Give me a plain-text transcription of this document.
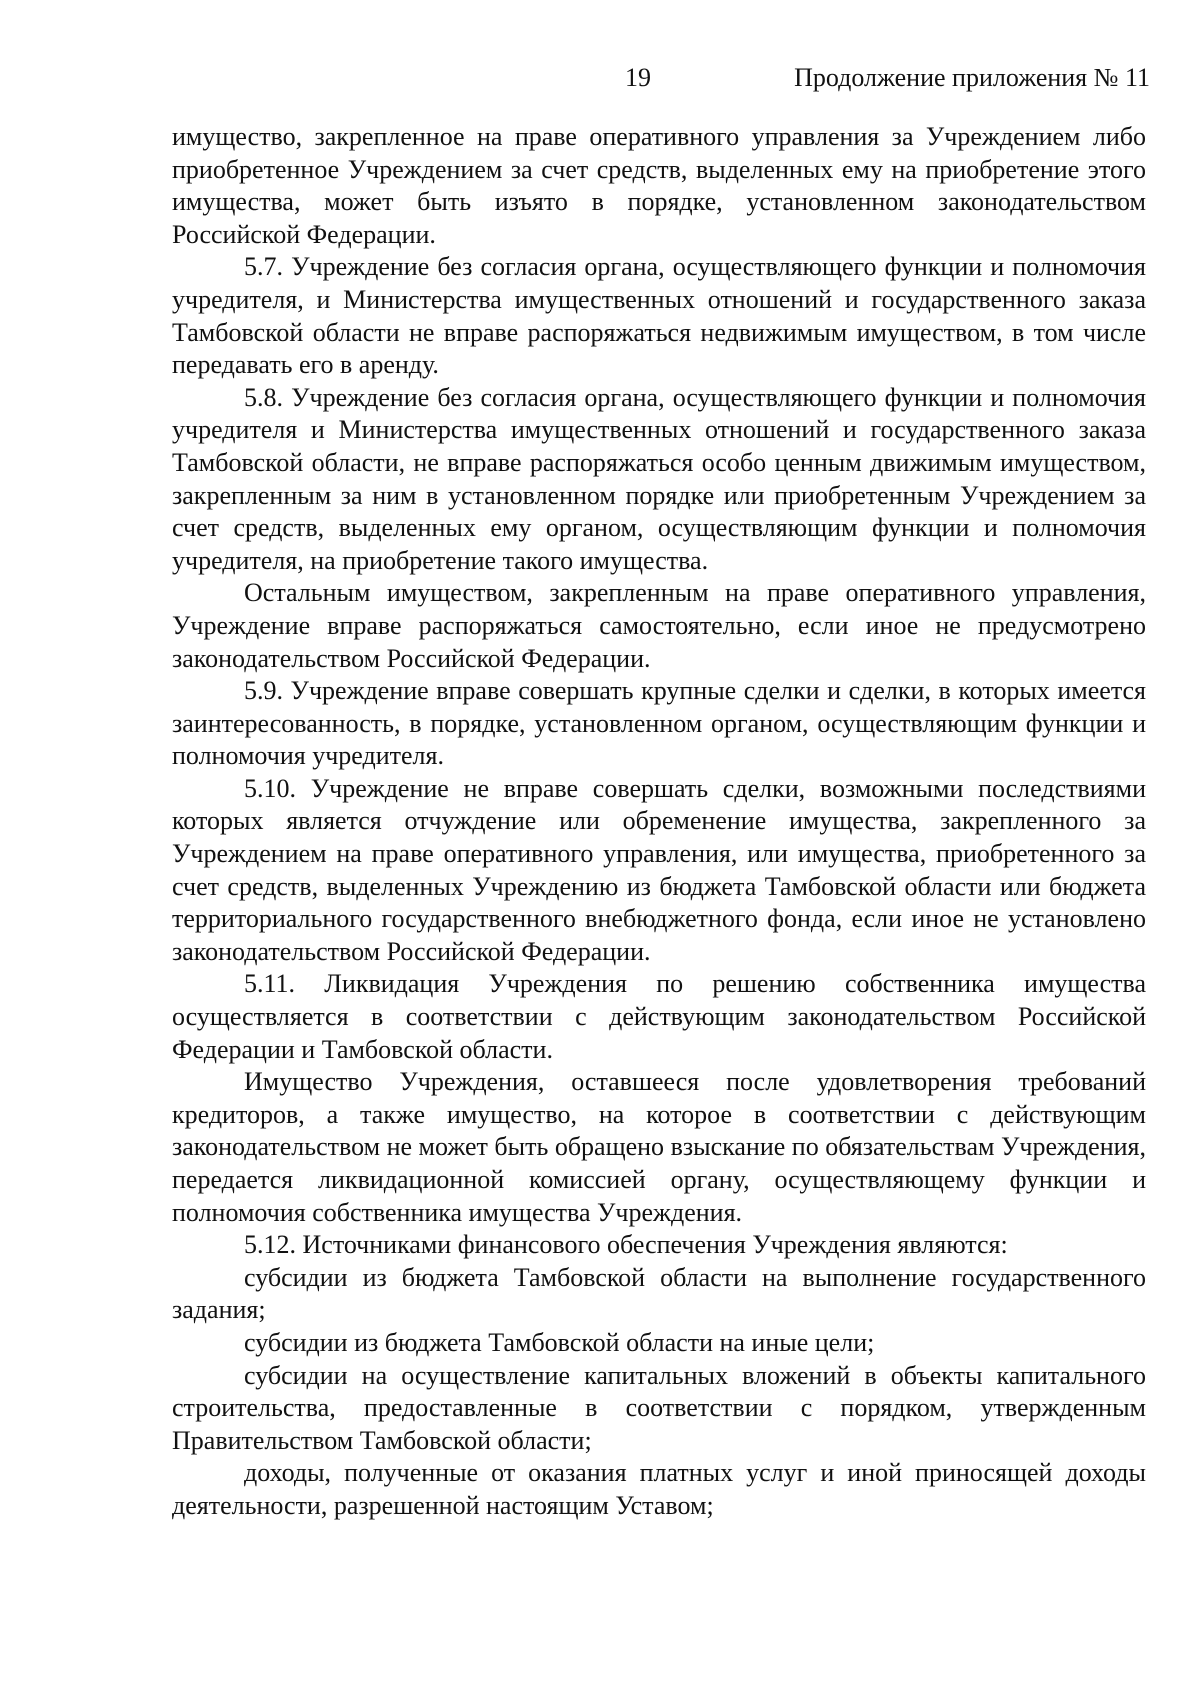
19	Продолжение приложения № 11

имущество, закрепленное на праве оперативного управления за Учреждением либо приобретенное Учреждением за счет средств, выделенных ему на приобретение этого имущества, может быть изъято в порядке, установленном законодательством Российской Федерации.

5.7. Учреждение без согласия органа, осуществляющего функции и полномочия учредителя, и Министерства имущественных отношений и государственного заказа Тамбовской области не вправе распоряжаться недвижимым имуществом, в том числе передавать его в аренду.

5.8. Учреждение без согласия органа, осуществляющего функции и полномочия учредителя и Министерства имущественных отношений и государственного заказа Тамбовской области, не вправе распоряжаться особо ценным движимым имуществом, закрепленным за ним в установленном порядке или приобретенным Учреждением за счет средств, выделенных ему органом, осуществляющим функции и полномочия учредителя, на приобретение такого имущества.

Остальным имуществом, закрепленным на праве оперативного управления, Учреждение вправе распоряжаться самостоятельно, если иное не предусмотрено законодательством Российской Федерации.

5.9. Учреждение вправе совершать крупные сделки и сделки, в которых имеется заинтересованность, в порядке, установленном органом, осуществляющим функции и полномочия учредителя.

5.10. Учреждение не вправе совершать сделки, возможными последствиями которых является отчуждение или обременение имущества, закрепленного за Учреждением на праве оперативного управления, или имущества, приобретенного за счет средств, выделенных Учреждению из бюджета Тамбовской области или бюджета территориального государственного внебюджетного фонда, если иное не установлено законодательством Российской Федерации.

5.11. Ликвидация Учреждения по решению собственника имущества осуществляется в соответствии с действующим законодательством Российской Федерации и Тамбовской области.

Имущество Учреждения, оставшееся после удовлетворения требований кредиторов, а также имущество, на которое в соответствии с действующим законодательством не может быть обращено взыскание по обязательствам Учреждения, передается ликвидационной комиссией органу, осуществляющему функции и полномочия собственника имущества Учреждения.

5.12. Источниками финансового обеспечения Учреждения являются:

субсидии из бюджета Тамбовской области на выполнение государственного задания;

субсидии из бюджета Тамбовской области на иные цели;

субсидии на осуществление капитальных вложений в объекты капитального строительства, предоставленные в соответствии с порядком, утвержденным Правительством Тамбовской области;

доходы, полученные от оказания платных услуг и иной приносящей доходы деятельности, разрешенной настоящим Уставом;
